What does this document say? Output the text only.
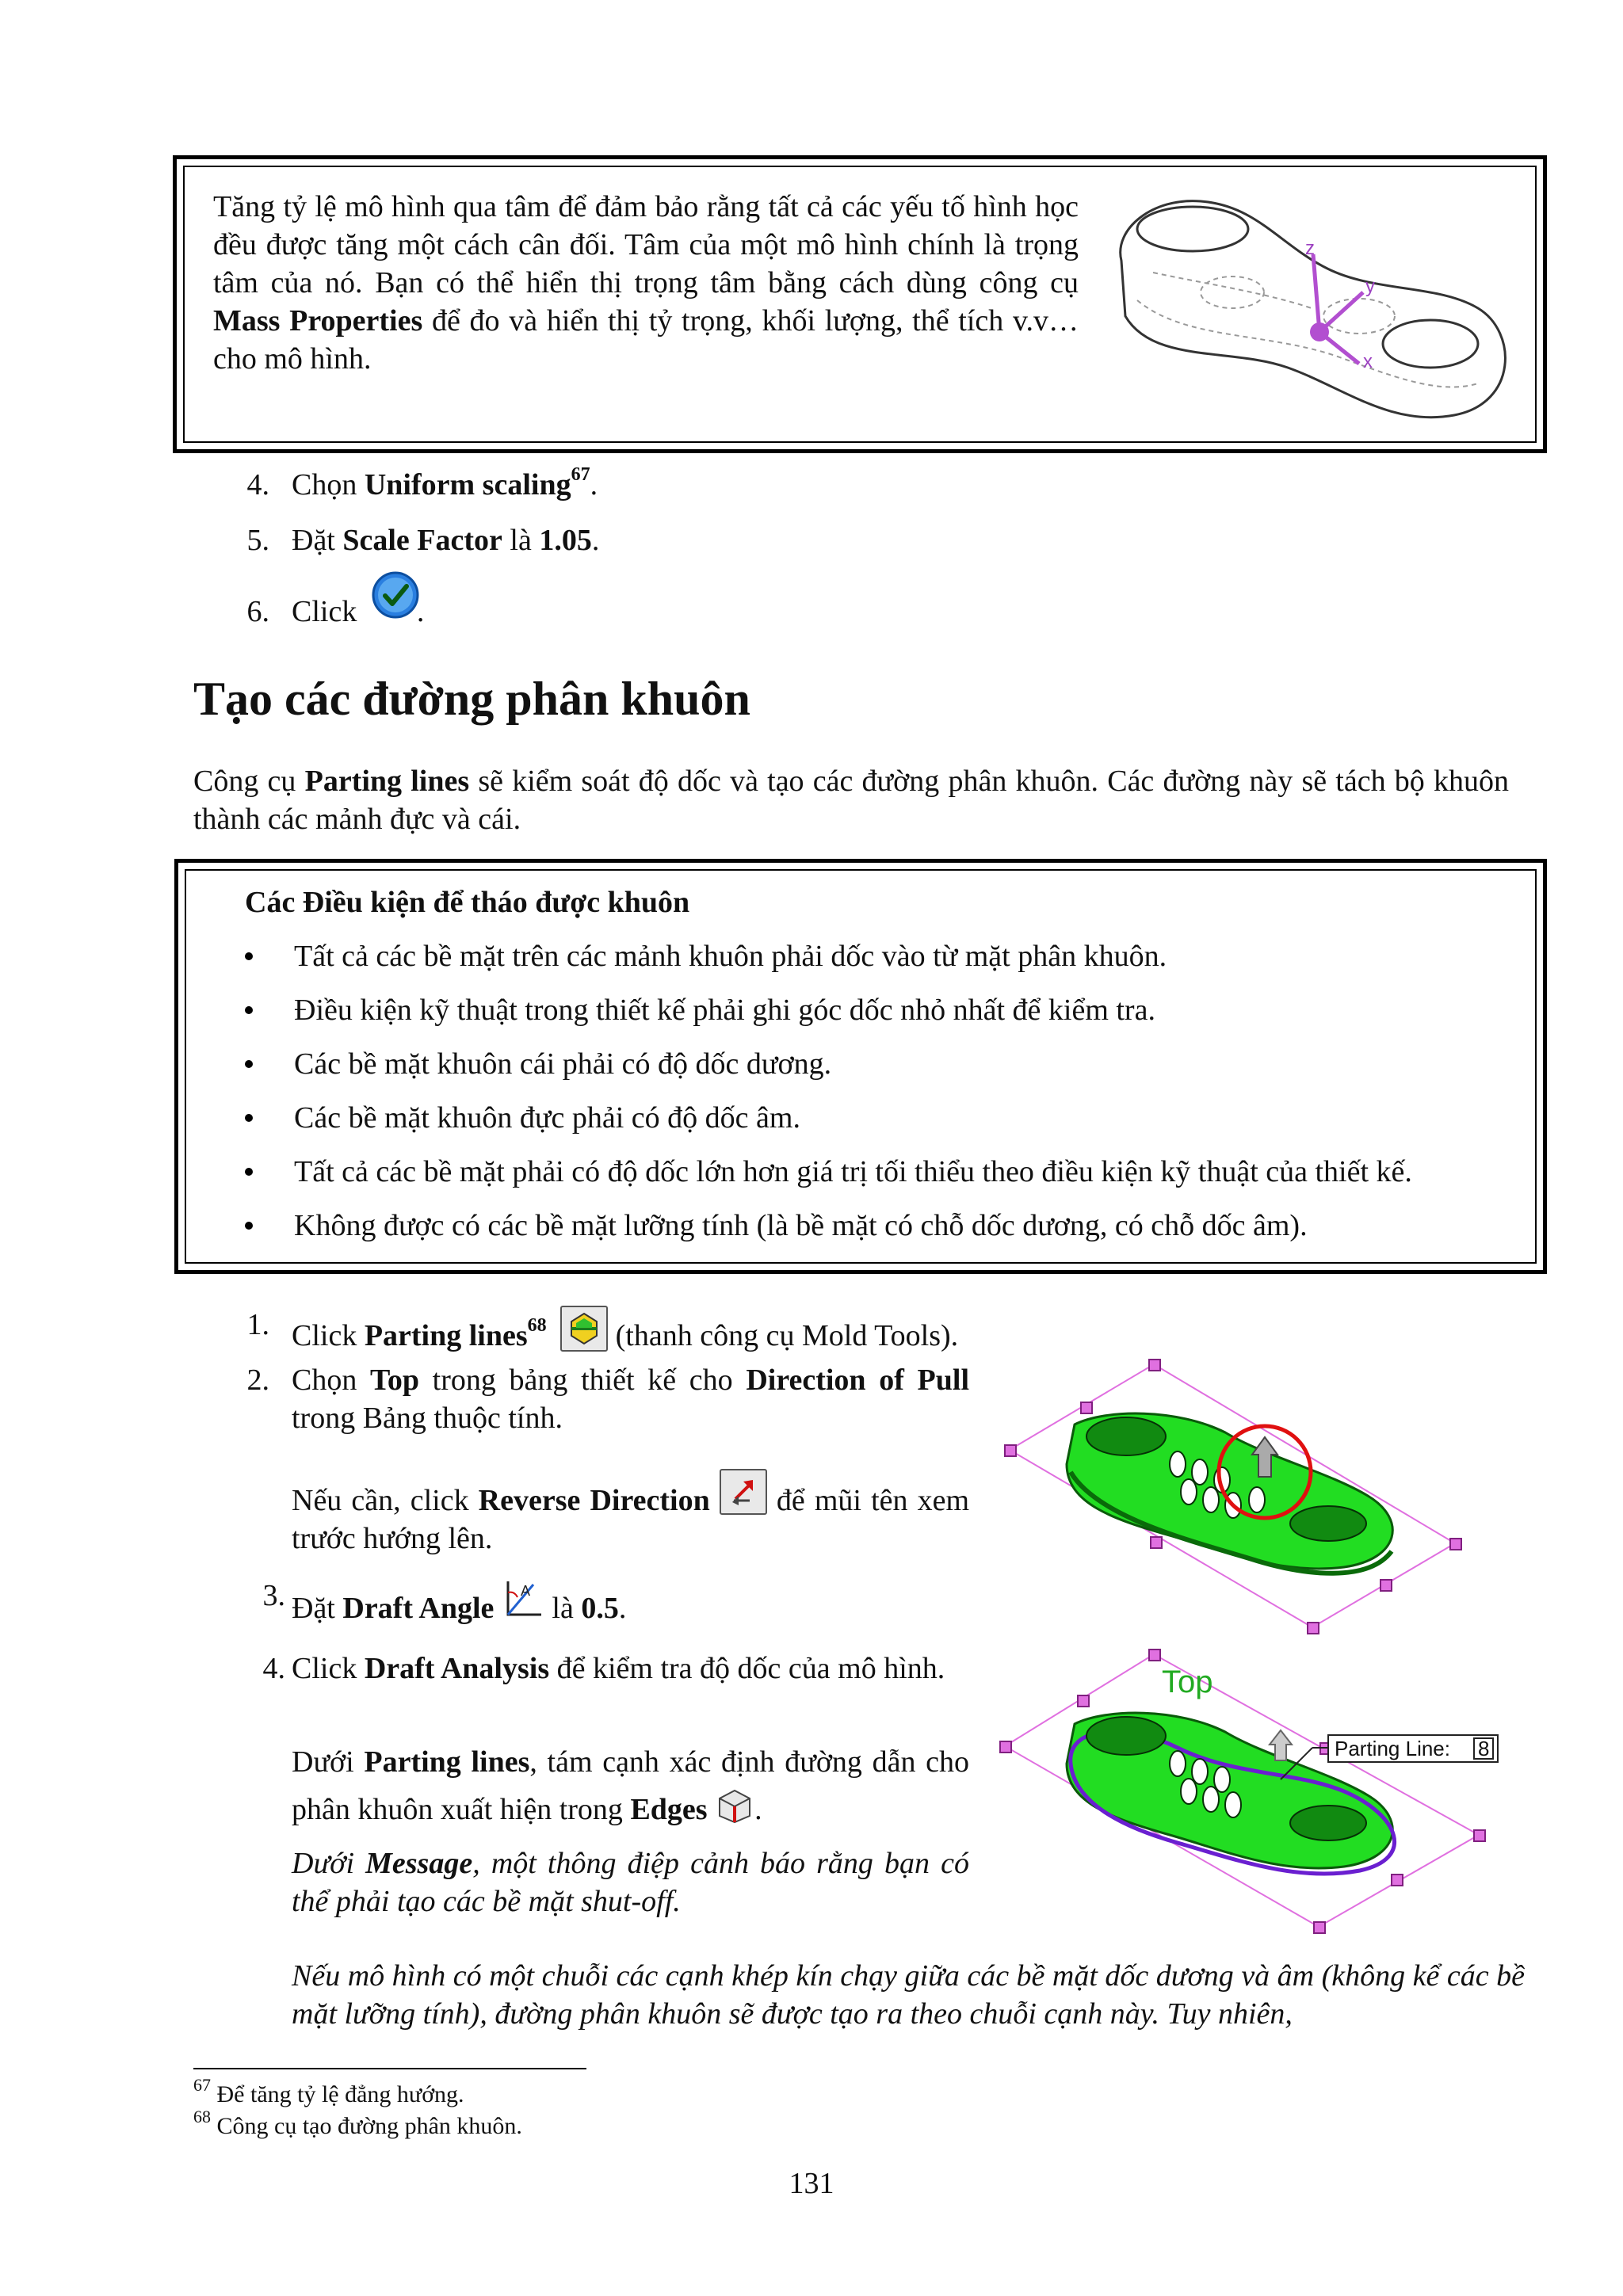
Tăng tỷ lệ mô hình qua tâm để đảm bảo rằng tất cả các yếu tố hình học đều được tăng một cách cân đối. Tâm của một mô hình chính là trọng tâm của nó. Bạn có thể hiển thị trọng tâm bằng cách dùng công cụ Mass Properties để đo và hiển thị tỷ trọng, khối lượng, thể tích v.v… cho mô hình.

z
y
x
4. Chọn Uniform scaling$^{67}$.
5. Đặt Scale Factor là 1.05.
6. Click
.
Tạo các đường phân khuôn

Công cụ Parting lines sẽ kiểm soát độ dốc và tạo các đường phân khuôn. Các đường này sẽ tách bộ khuôn thành các mảnh đực và cái.

Các Điều kiện để tháo được khuôn
Tất cả các bề mặt trên các mảnh khuôn phải dốc vào từ mặt phân khuôn.
Điều kiện kỹ thuật trong thiết kế phải ghi góc dốc nhỏ nhất để kiểm tra.
Các bề mặt khuôn cái phải có độ dốc dương.
Các bề mặt khuôn đực phải có độ dốc âm.
Tất cả các bề mặt phải có độ dốc lớn hơn giá trị tối thiểu theo điều kiện kỹ thuật của thiết kế.
Không được có các bề mặt lưỡng tính (là bề mặt có chỗ dốc dương, có chỗ dốc âm).
1. Click Parting lines$^{68}$
(thanh công cụ Mold Tools).
2. Chọn Top trong bảng thiết kế cho Direction of Pull trong Bảng thuộc tính.

Nếu cần, click Reverse Direction
để mũi tên xem trước hướng lên.

3. Đặt Draft Angle
A
là 0.5.
4. Click Draft Analysis để kiểm tra độ dốc của mô hình.

Dưới Parting lines, tám cạnh xác định đường dẫn cho phân khuôn xuất hiện trong Edges .

Dưới Message, một thông điệp cảnh báo rằng bạn có thể phải tạo các bề mặt shut-off.

Nếu mô hình có một chuỗi các cạnh khép kín chạy giữa các bề mặt dốc dương và âm (không kể các bề mặt lưỡng tính), đường phân khuôn sẽ được tạo ra theo chuỗi cạnh này. Tuy nhiên,

Top
Parting Line: 8
$^{67}$ Để tăng tỷ lệ đẳng hướng.
$^{68}$ Công cụ tạo đường phân khuôn.
131
